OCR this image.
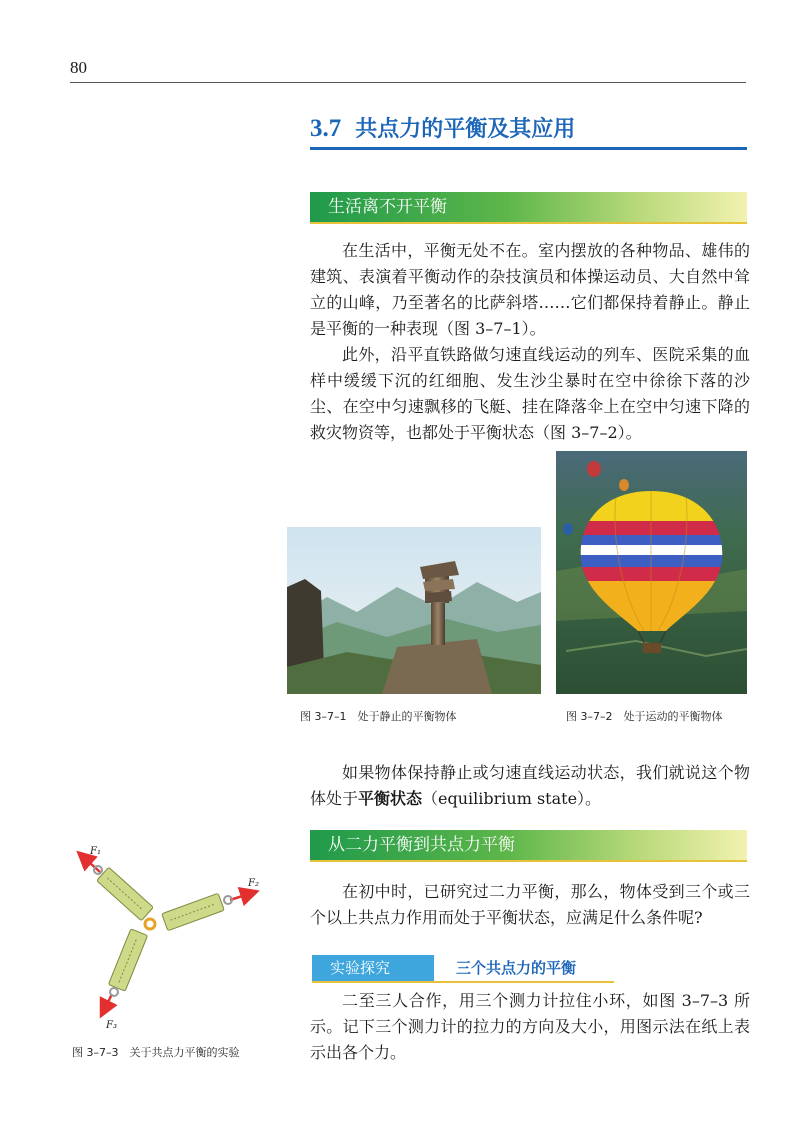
80
3.7 共点力的平衡及其应用
生活离不开平衡

在生活中，平衡无处不在。室内摆放的各种物品、雄伟的建筑、表演着平衡动作的杂技演员和体操运动员、大自然中耸立的山峰，乃至著名的比萨斜塔……它们都保持着静止。静止是平衡的一种表现（图 3–7–1）。

此外，沿平直铁路做匀速直线运动的列车、医院采集的血样中缓缓下沉的红细胞、发生沙尘暴时在空中徐徐下落的沙尘、在空中匀速飘移的飞艇、挂在降落伞上在空中匀速下降的救灾物资等，也都处于平衡状态（图 3–7–2）。

图 3–7–1　处于静止的平衡物体	图 3–7–2　处于运动的平衡物体

如果物体保持静止或匀速直线运动状态，我们就说这个物体处于平衡状态（equilibrium state）。

从二力平衡到共点力平衡

在初中时，已研究过二力平衡，那么，物体受到三个或三个以上共点力作用而处于平衡状态，应满足什么条件呢?

实验探究	三个共点力的平衡

二至三人合作，用三个测力计拉住小环，如图 3–7–3 所示。记下三个测力计的拉力的方向及大小，用图示法在纸上表示出各个力。

F₁
F₂
F₃
图 3–7–3　关于共点力平衡的实验
